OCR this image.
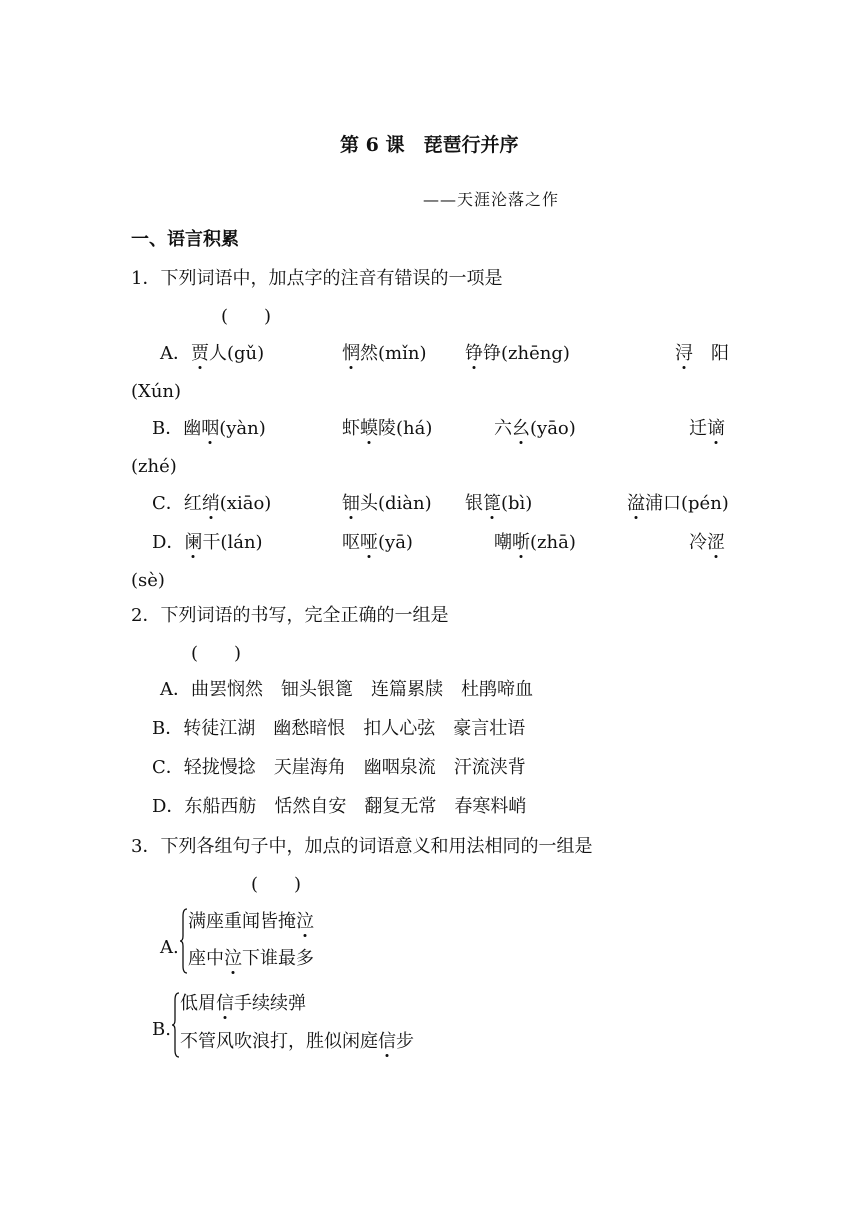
第 6 课　琵琶行并序
——天涯沦落之作
一、语言积累
1．下列词语中，加点字的注音有错误的一项是
(　　)
A．贾人(gǔ)	惘然(mǐn) 铮铮(zhēng)	浔　阳
(Xún)
B．幽咽(yàn)	虾蟆陵(há)	六幺(yāo)	迁谪
(zhé)
C．红绡(xiāo)	钿头(diàn) 银篦(bì)	湓浦口(pén)
D．阑干(lán)	呕哑(yā)	嘲哳(zhā)	冷涩
(sè)
2．下列词语的书写，完全正确的一组是
(　　)
A．曲罢悯然　钿头银篦　连篇累牍　杜鹃啼血
B．转徒江湖　幽愁暗恨　扣人心弦　豪言壮语
C．轻拢慢捻　天崖海角　幽咽泉流　汗流浃背
D．东船西舫　恬然自安　翻复无常　春寒料峭
3．下列各组句子中，加点的词语意义和用法相同的一组是
(　　)
A.
满座重闻皆掩泣
座中泣下谁最多
B.
低眉信手续续弹
不管风吹浪打，胜似闲庭信步
